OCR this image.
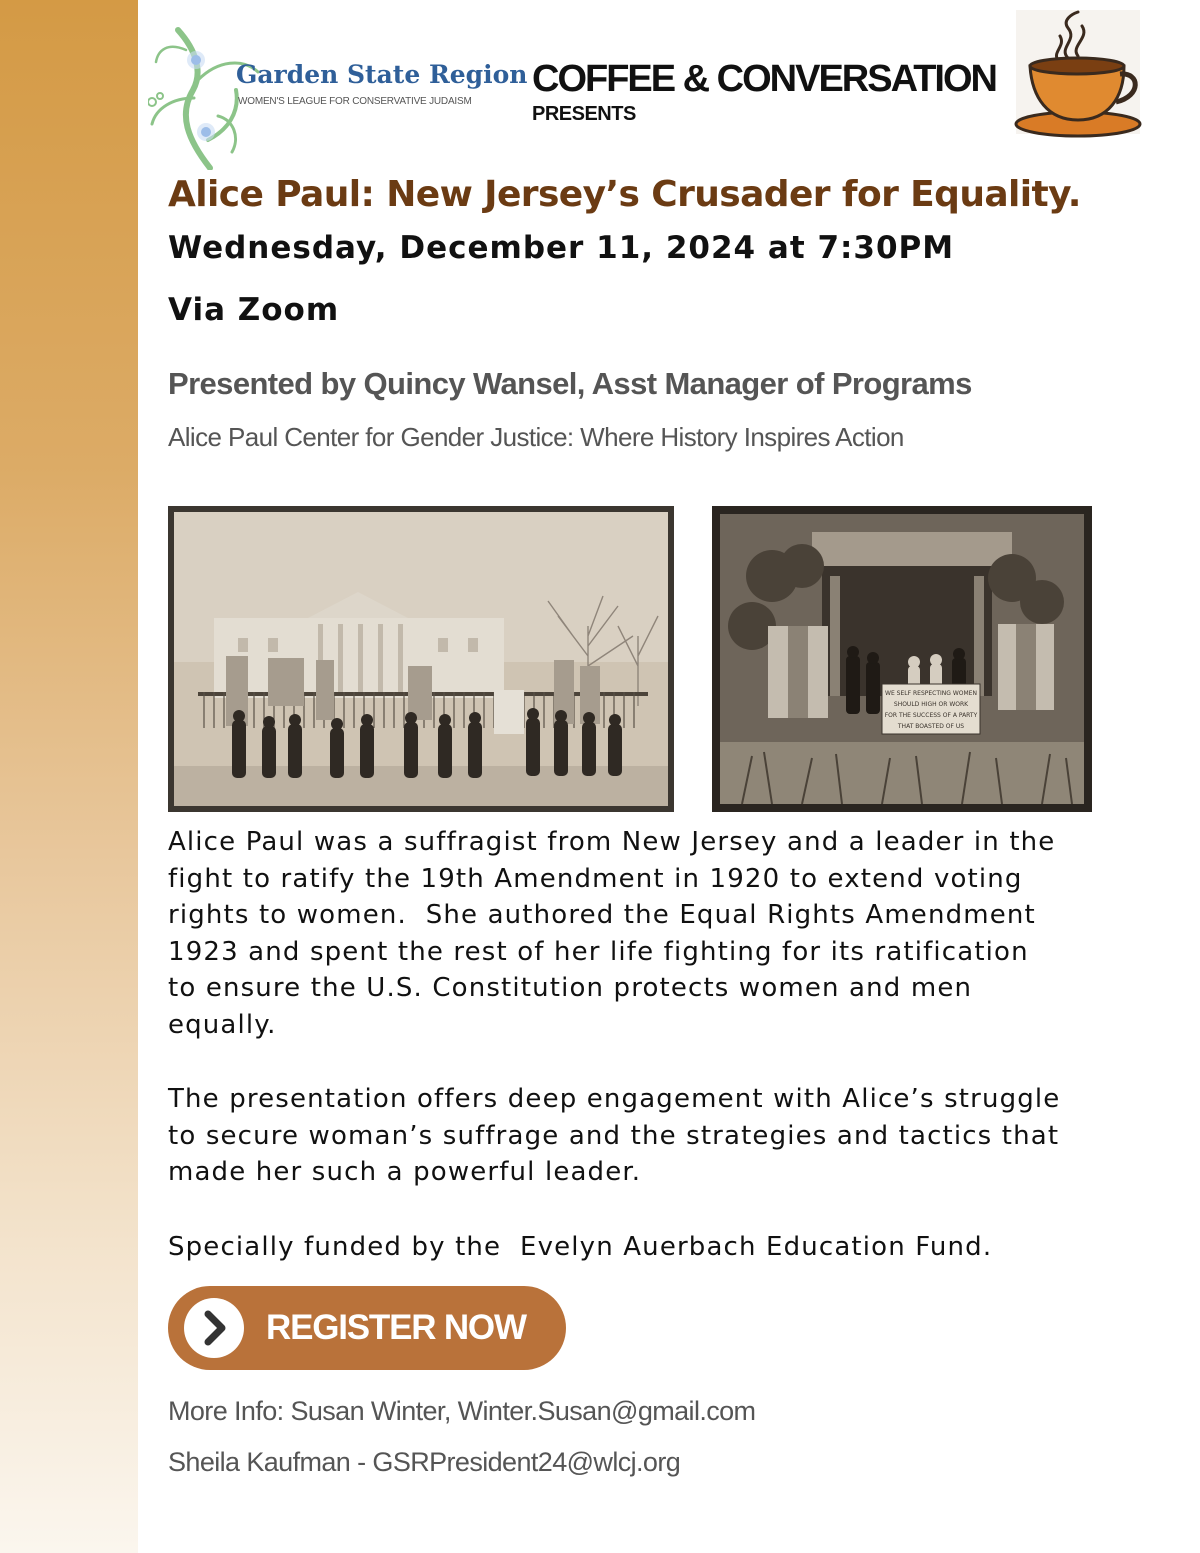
Garden State Region
WOMEN'S LEAGUE FOR CONSERVATIVE JUDAISM
COFFEE & CONVERSATION
PRESENTS
Alice Paul: New Jersey’s Crusader for Equality.
Wednesday, December 11, 2024 at 7:30PM
Via Zoom
Presented by Quincy Wansel, Asst Manager of Programs
Alice Paul Center for Gender Justice: Where History Inspires Action
WE SELF RESPECTING WOMEN
SHOULD HIGH OR WORK
FOR THE SUCCESS OF A PARTY
THAT BOASTED OF US
Alice Paul was a suffragist from New Jersey and a leader in the
fight to ratify the 19th Amendment in 1920 to extend voting
rights to women.  She authored the Equal Rights Amendment
1923 and spent the rest of her life fighting for its ratification
to ensure the U.S. Constitution protects women and men
equally.
The presentation offers deep engagement with Alice’s struggle
to secure woman’s suffrage and the strategies and tactics that
made her such a powerful leader.
Specially funded by the  Evelyn Auerbach Education Fund.
REGISTER NOW
More Info: Susan Winter, Winter.Susan@gmail.com
Sheila Kaufman - GSRPresident24@wlcj.org
